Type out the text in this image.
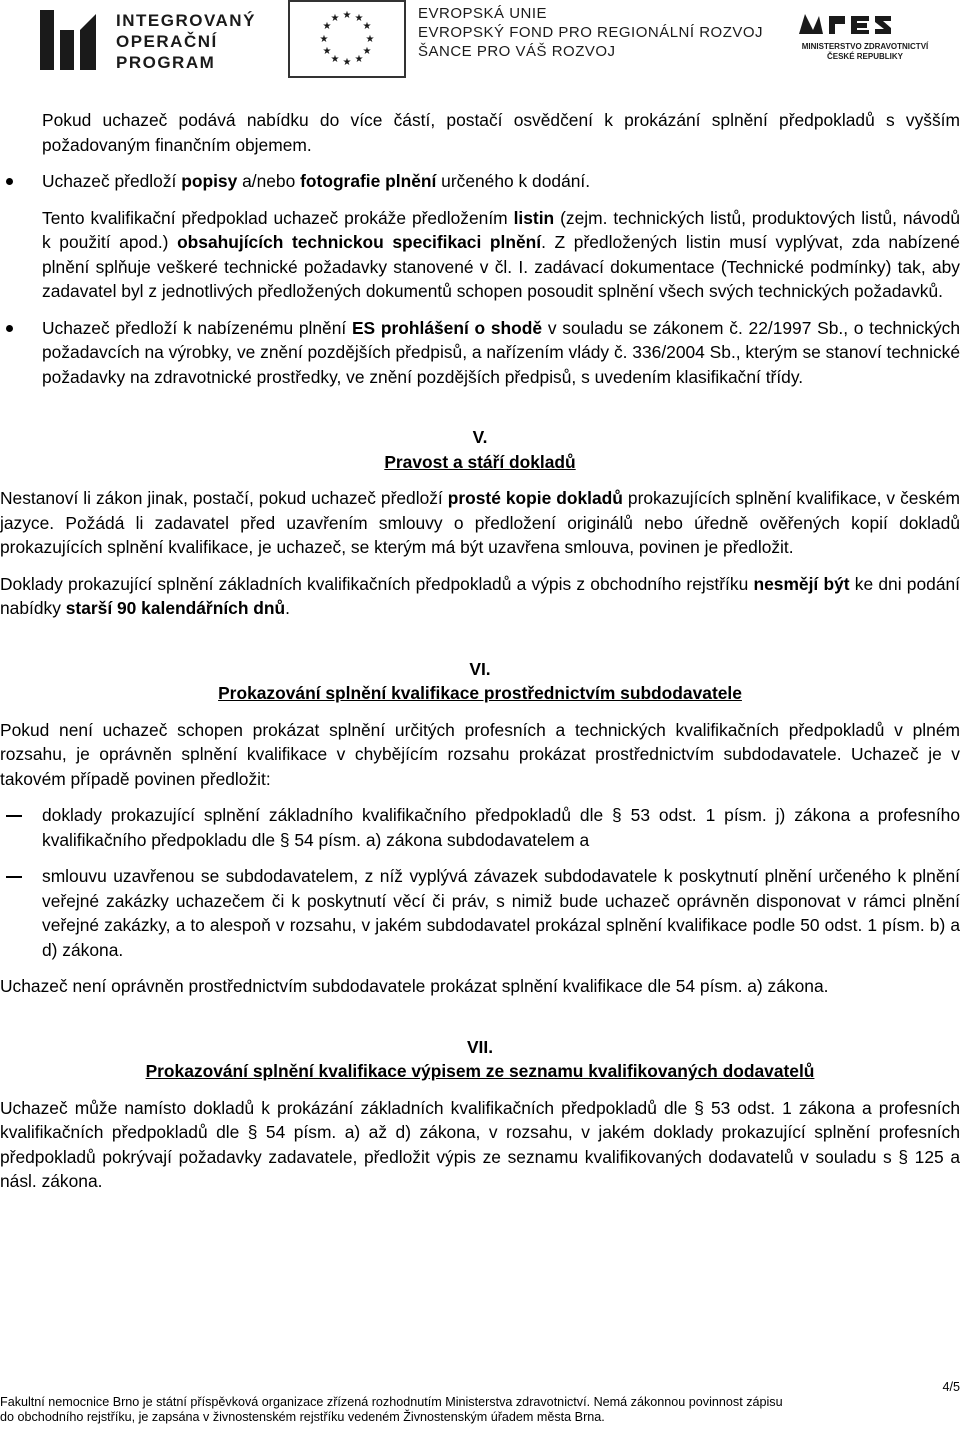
INTEGROVANÝ
OPERAČNÍ
PROGRAM
★ ★
★
★
★
★
★
★
★
★
★
★	EVROPSKÁ UNIE
EVROPSKÝ FOND PRO REGIONÁLNÍ ROZVOJ
ŠANCE PRO VÁŠ ROZVOJ	MINISTERSTVO ZDRAVOTNICTVÍ
ČESKÉ REPUBLIKY

Pokud uchazeč podává nabídku do více částí, postačí osvědčení k prokázání splnění předpokladů s vyšším požadovaným finančním objemem.

Uchazeč předloží popisy a/nebo fotografie plnění určeného k dodání.

Tento kvalifikační předpoklad uchazeč prokáže předložením listin (zejm. technických listů, produktových listů, návodů k použití apod.) obsahujících technickou specifikaci plnění. Z předložených listin musí vyplývat, zda nabízené plnění splňuje veškeré technické požadavky stanovené v čl. I. zadávací dokumentace (Technické podmínky) tak, aby zadavatel byl z jednotlivých předložených dokumentů schopen posoudit splnění všech svých technických požadavků.

Uchazeč předloží k nabízenému plnění ES prohlášení o shodě v souladu se zákonem č. 22/1997 Sb., o technických požadavcích na výrobky, ve znění pozdějších předpisů, a nařízením vlády č. 336/2004 Sb., kterým se stanoví technické požadavky na zdravotnické prostředky, ve znění pozdějších předpisů, s uvedením klasifikační třídy.

V.
Pravost a stáří dokladů

Nestanoví li zákon jinak, postačí, pokud uchazeč předloží prosté kopie dokladů prokazujících splnění kvalifikace, v českém jazyce. Požádá li zadavatel před uzavřením smlouvy o předložení originálů nebo úředně ověřených kopií dokladů prokazujících splnění kvalifikace, je uchazeč, se kterým má být uzavřena smlouva, povinen je předložit.

Doklady prokazující splnění základních kvalifikačních předpokladů a výpis z obchodního rejstříku nesmějí být ke dni podání nabídky starší 90 kalendářních dnů.

VI.
Prokazování splnění kvalifikace prostřednictvím subdodavatele

Pokud není uchazeč schopen prokázat splnění určitých profesních a technických kvalifikačních předpokladů v plném rozsahu, je oprávněn splnění kvalifikace v chybějícím rozsahu prokázat prostřednictvím subdodavatele. Uchazeč je v takovém případě povinen předložit:

doklady prokazující splnění základního kvalifikačního předpokladů dle § 53 odst. 1 písm. j) zákona a profesního kvalifikačního předpokladu dle § 54 písm. a) zákona subdodavatelem a

smlouvu uzavřenou se subdodavatelem, z níž vyplývá závazek subdodavatele k poskytnutí plnění určeného k plnění veřejné zakázky uchazečem či k poskytnutí věcí či práv, s nimiž bude uchazeč oprávněn disponovat v rámci plnění veřejné zakázky, a to alespoň v rozsahu, v jakém subdodavatel prokázal splnění kvalifikace podle 50 odst. 1 písm. b) a d) zákona.

Uchazeč není oprávněn prostřednictvím subdodavatele prokázat splnění kvalifikace dle 54 písm. a) zákona.

VII.
Prokazování splnění kvalifikace výpisem ze seznamu kvalifikovaných dodavatelů

Uchazeč může namísto dokladů k prokázání základních kvalifikačních předpokladů dle § 53 odst. 1 zákona a profesních kvalifikačních předpokladů dle § 54 písm. a) až d) zákona, v rozsahu, v jakém doklady prokazující splnění profesních předpokladů pokrývají požadavky zadavatele, předložit výpis ze seznamu kvalifikovaných dodavatelů v souladu s § 125 a násl. zákona.

4/5
Fakultní nemocnice Brno je státní příspěvková organizace zřízená rozhodnutím Ministerstva zdravotnictví. Nemá zákonnou povinnost zápisu
do obchodního rejstříku, je zapsána v živnostenském rejstříku vedeném Živnostenským úřadem města Brna.
